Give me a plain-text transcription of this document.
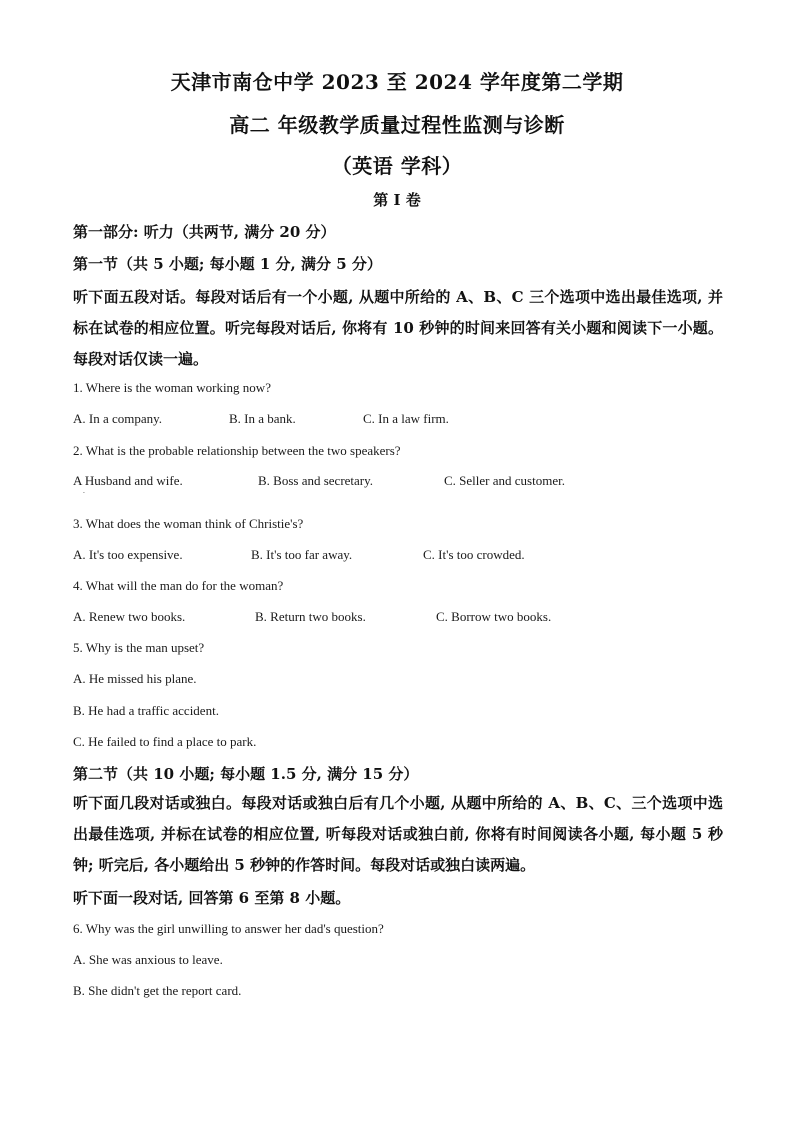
天津市南仓中学 2023 至 2024 学年度第二学期
高二 年级教学质量过程性监测与诊断
（英语 学科）
第 I 卷
第一部分: 听力（共两节, 满分 20 分）
第一节（共 5 小题; 每小题 1 分, 满分 5 分）
听下面五段对话。每段对话后有一个小题, 从题中所给的 A、B、C 三个选项中选出最佳选项, 并标在试卷的相应位置。听完每段对话后, 你将有 10 秒钟的时间来回答有关小题和阅读下一小题。每段对话仅读一遍。
1. Where is the woman working now?
A. In a company.	B. In a bank.	C. In a law firm.
2. What is the probable relationship between the two speakers?
A Husband and wife.	B. Boss and secretary.	C. Seller and customer.
·
3. What does the woman think of Christie's?
A. It's too expensive.	B. It's too far away.	C. It's too crowded.
4. What will the man do for the woman?
A. Renew two books.	B. Return two books.	C. Borrow two books.
5. Why is the man upset?
A. He missed his plane.
B. He had a traffic accident.
C. He failed to find a place to park.
第二节（共 10 小题; 每小题 1.5 分, 满分 15 分）
听下面几段对话或独白。每段对话或独白后有几个小题, 从题中所给的 A、B、C、三个选项中选出最佳选项, 并标在试卷的相应位置, 听每段对话或独白前, 你将有时间阅读各小题, 每小题 5 秒钟; 听完后, 各小题给出 5 秒钟的作答时间。每段对话或独白读两遍。
听下面一段对话, 回答第 6 至第 8 小题。
6. Why was the girl unwilling to answer her dad's question?
A. She was anxious to leave.
B. She didn't get the report card.
